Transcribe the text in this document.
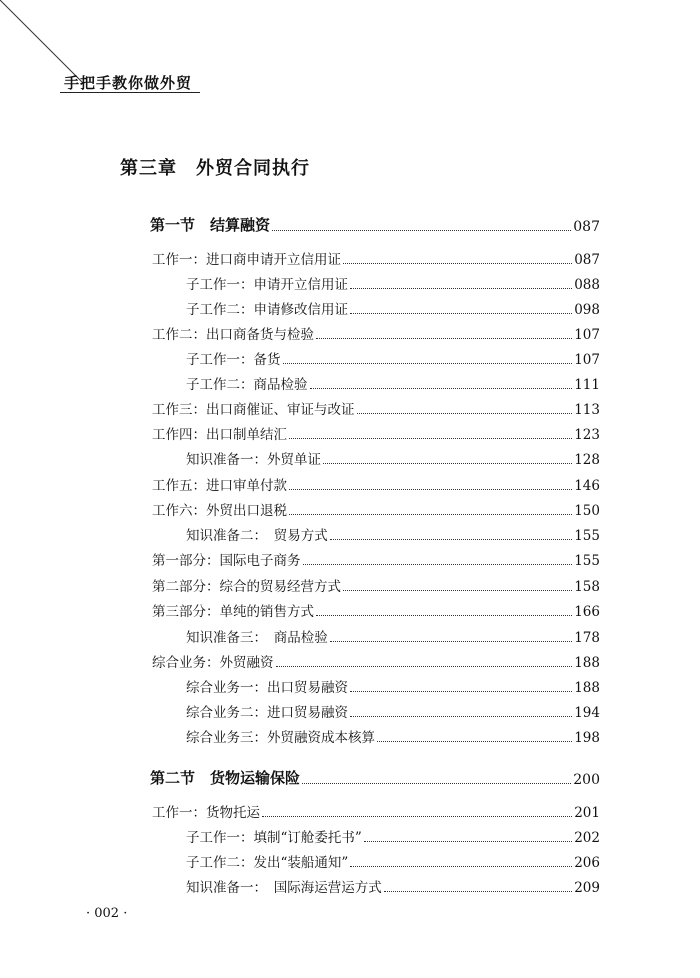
手把手教你做外贸
第三章　外贸合同执行
第一节　结算融资	087
工作一：进口商申请开立信用证	087
子工作一：申请开立信用证	088
子工作二：申请修改信用证	098
工作二：出口商备货与检验	107
子工作一：备货	107
子工作二：商品检验	111
工作三：出口商催证、审证与改证	113
工作四：出口制单结汇	123
知识准备一：外贸单证	128
工作五：进口审单付款	146
工作六：外贸出口退税	150
知识准备二：　贸易方式	155
第一部分：国际电子商务	155
第二部分：综合的贸易经营方式	158
第三部分：单纯的销售方式	166
知识准备三：　商品检验	178
综合业务：外贸融资	188
综合业务一：出口贸易融资	188
综合业务二：进口贸易融资	194
综合业务三：外贸融资成本核算	198
第二节　货物运输保险	200
工作一：货物托运	201
子工作一：填制“订舱委托书”	202
子工作二：发出“装船通知”	206
知识准备一：　国际海运营运方式	209
· 002 ·
